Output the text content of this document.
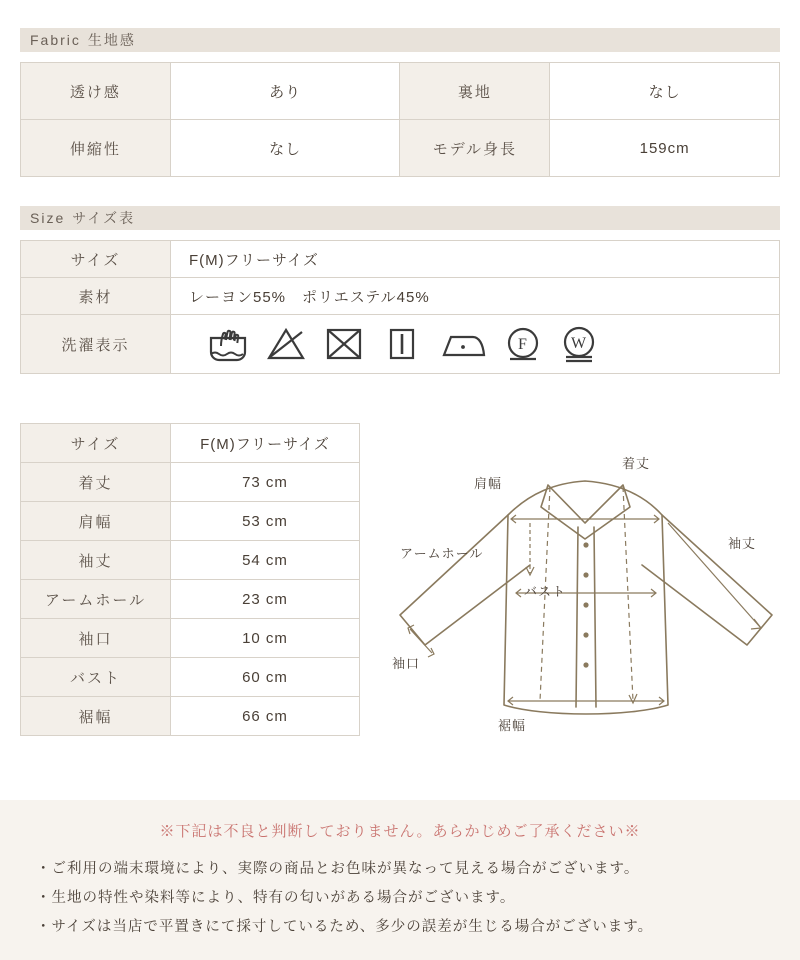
Fabric 生地感
透け感	あり	裏地	なし
伸縮性	なし	モデル身長	159cm
Size サイズ表
サイズ	F(M)フリーサイズ
素材	レーヨン55%　ポリエステル45%
洗濯表示	F W
サイズ	F(M)フリーサイズ
着丈	73 cm
肩幅	53 cm
袖丈	54 cm
アームホール	23 cm
袖口	10 cm
バスト	60 cm
裾幅	66 cm
肩幅
着丈
袖丈
アームホール
バスト
袖口
裾幅
※下記は不良と判断しておりません。あらかじめご了承ください※
・ご利用の端末環境により、実際の商品とお色味が異なって見える場合がございます。
・生地の特性や染料等により、特有の匂いがある場合がございます。
・サイズは当店で平置きにて採寸しているため、多少の誤差が生じる場合がございます。
